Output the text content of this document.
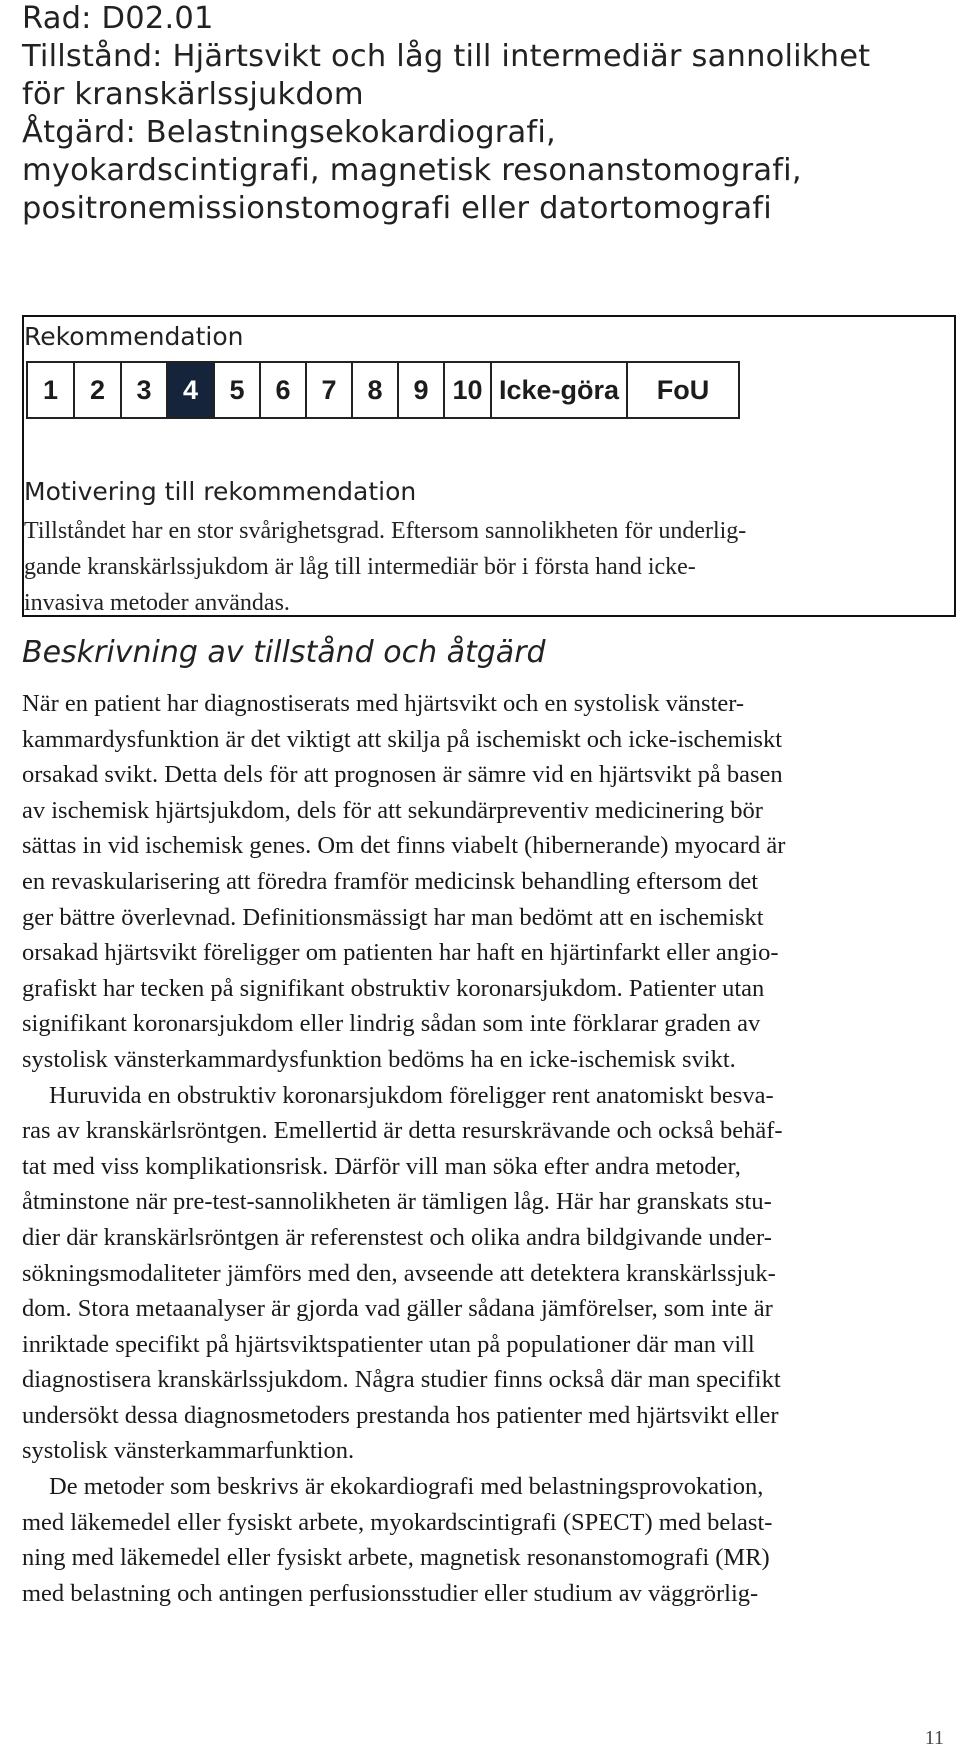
Rad: D02.01
Tillstånd: Hjärtsvikt och låg till intermediär sannolikhet
för kranskärlssjukdom
Åtgärd: Belastningsekokardiografi,
myokardscintigrafi, magnetisk resonanstomografi,
positronemissionstomografi eller datortomografi
Rekommendation
1	2	3	4	5	6	7	8	9 10 Icke-göra	FoU
Motivering till rekommendation
Tillståndet har en stor svårighetsgrad. Eftersom sannolikheten för underlig-
gande kranskärlssjukdom är låg till intermediär bör i första hand icke-
invasiva metoder användas.
Beskrivning av tillstånd och åtgärd
När en patient har diagnostiserats med hjärtsvikt och en systolisk vänster-
kammardysfunktion är det viktigt att skilja på ischemiskt och icke-ischemiskt
orsakad svikt. Detta dels för att prognosen är sämre vid en hjärtsvikt på basen
av ischemisk hjärtsjukdom, dels för att sekundärpreventiv medicinering bör
sättas in vid ischemisk genes. Om det finns viabelt (hibernerande) myocard är
en revaskularisering att föredra framför medicinsk behandling eftersom det
ger bättre överlevnad. Definitionsmässigt har man bedömt att en ischemiskt
orsakad hjärtsvikt föreligger om patienten har haft en hjärtinfarkt eller angio-
grafiskt har tecken på signifikant obstruktiv koronarsjukdom. Patienter utan
signifikant koronarsjukdom eller lindrig sådan som inte förklarar graden av
systolisk vänsterkammardysfunktion bedöms ha en icke-ischemisk svikt.
Huruvida en obstruktiv koronarsjukdom föreligger rent anatomiskt besva-
ras av kranskärlsröntgen. Emellertid är detta resurskrävande och också behäf-
tat med viss komplikationsrisk. Därför vill man söka efter andra metoder,
åtminstone när pre-test-sannolikheten är tämligen låg. Här har granskats stu-
dier där kranskärlsröntgen är referenstest och olika andra bildgivande under-
sökningsmodaliteter jämförs med den, avseende att detektera kranskärlssjuk-
dom. Stora metaanalyser är gjorda vad gäller sådana jämförelser, som inte är
inriktade specifikt på hjärtsviktspatienter utan på populationer där man vill
diagnostisera kranskärlssjukdom. Några studier finns också där man specifikt
undersökt dessa diagnosmetoders prestanda hos patienter med hjärtsvikt eller
systolisk vänsterkammarfunktion.
De metoder som beskrivs är ekokardiografi med belastningsprovokation,
med läkemedel eller fysiskt arbete, myokardscintigrafi (SPECT) med belast-
ning med läkemedel eller fysiskt arbete, magnetisk resonanstomografi (MR)
med belastning och antingen perfusionsstudier eller studium av väggrörlig-
11
